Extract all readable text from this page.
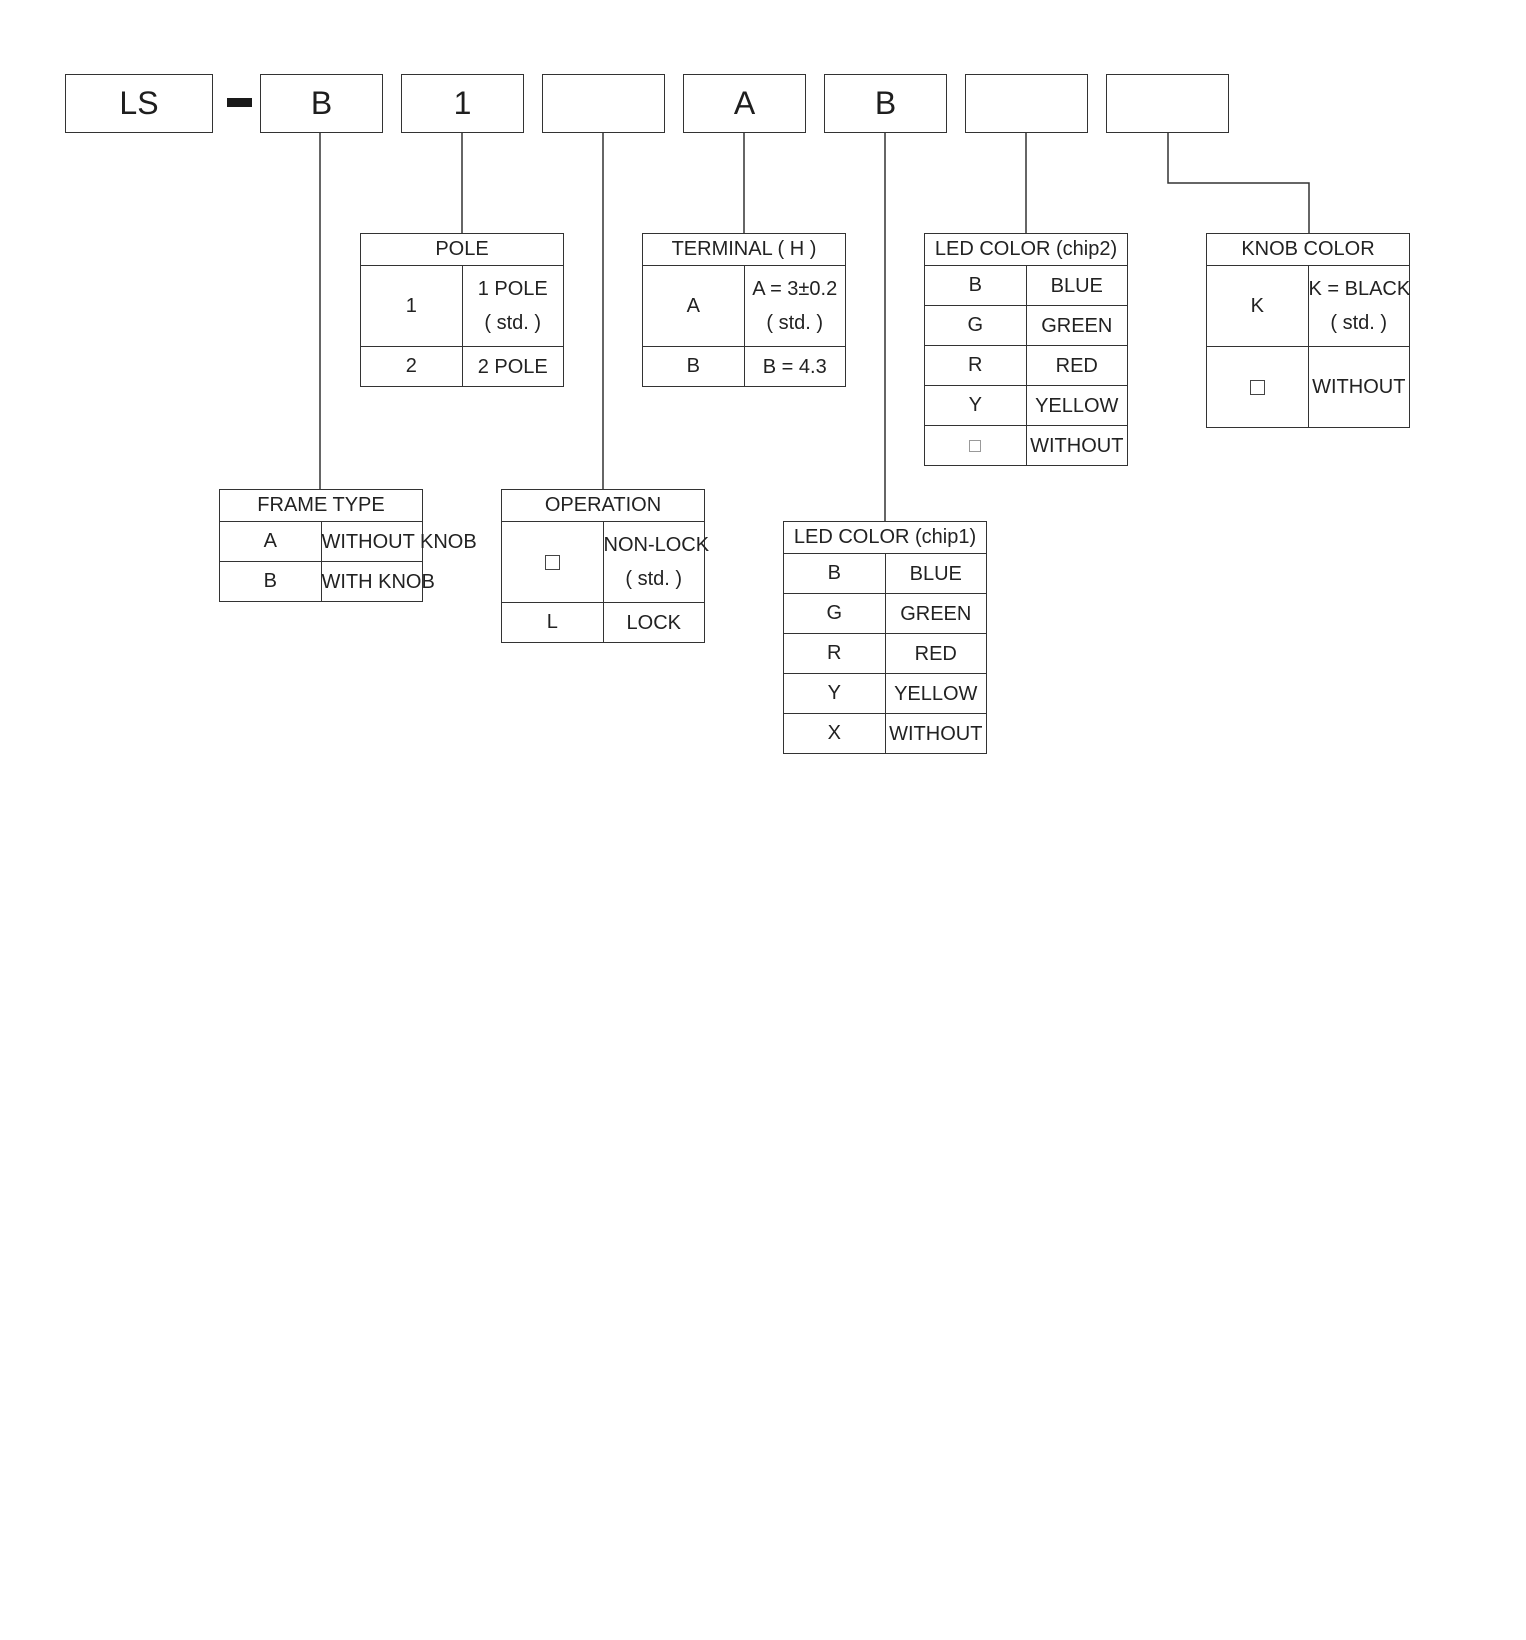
LS	B	1	A	B
POLE	
1	1 POLE
( std. )

2	2 POLE
TERMINAL ( H )	
A	A = 3±0.2
( std. )

B	B = 4.3
LED COLOR (chip2)	
B	BLUE
G	GREEN
R	RED
Y	YELLOW
	WITHOUT
KNOB COLOR	
K	K = BLACK
( std. )

	WITHOUT
FRAME TYPE	
A	WITHOUT KNOB
B	WITH KNOB
OPERATION	
	NON-LOCK
( std. )

L	LOCK
LED COLOR (chip1)	
B	BLUE
G	GREEN
R	RED
Y	YELLOW
X	WITHOUT
